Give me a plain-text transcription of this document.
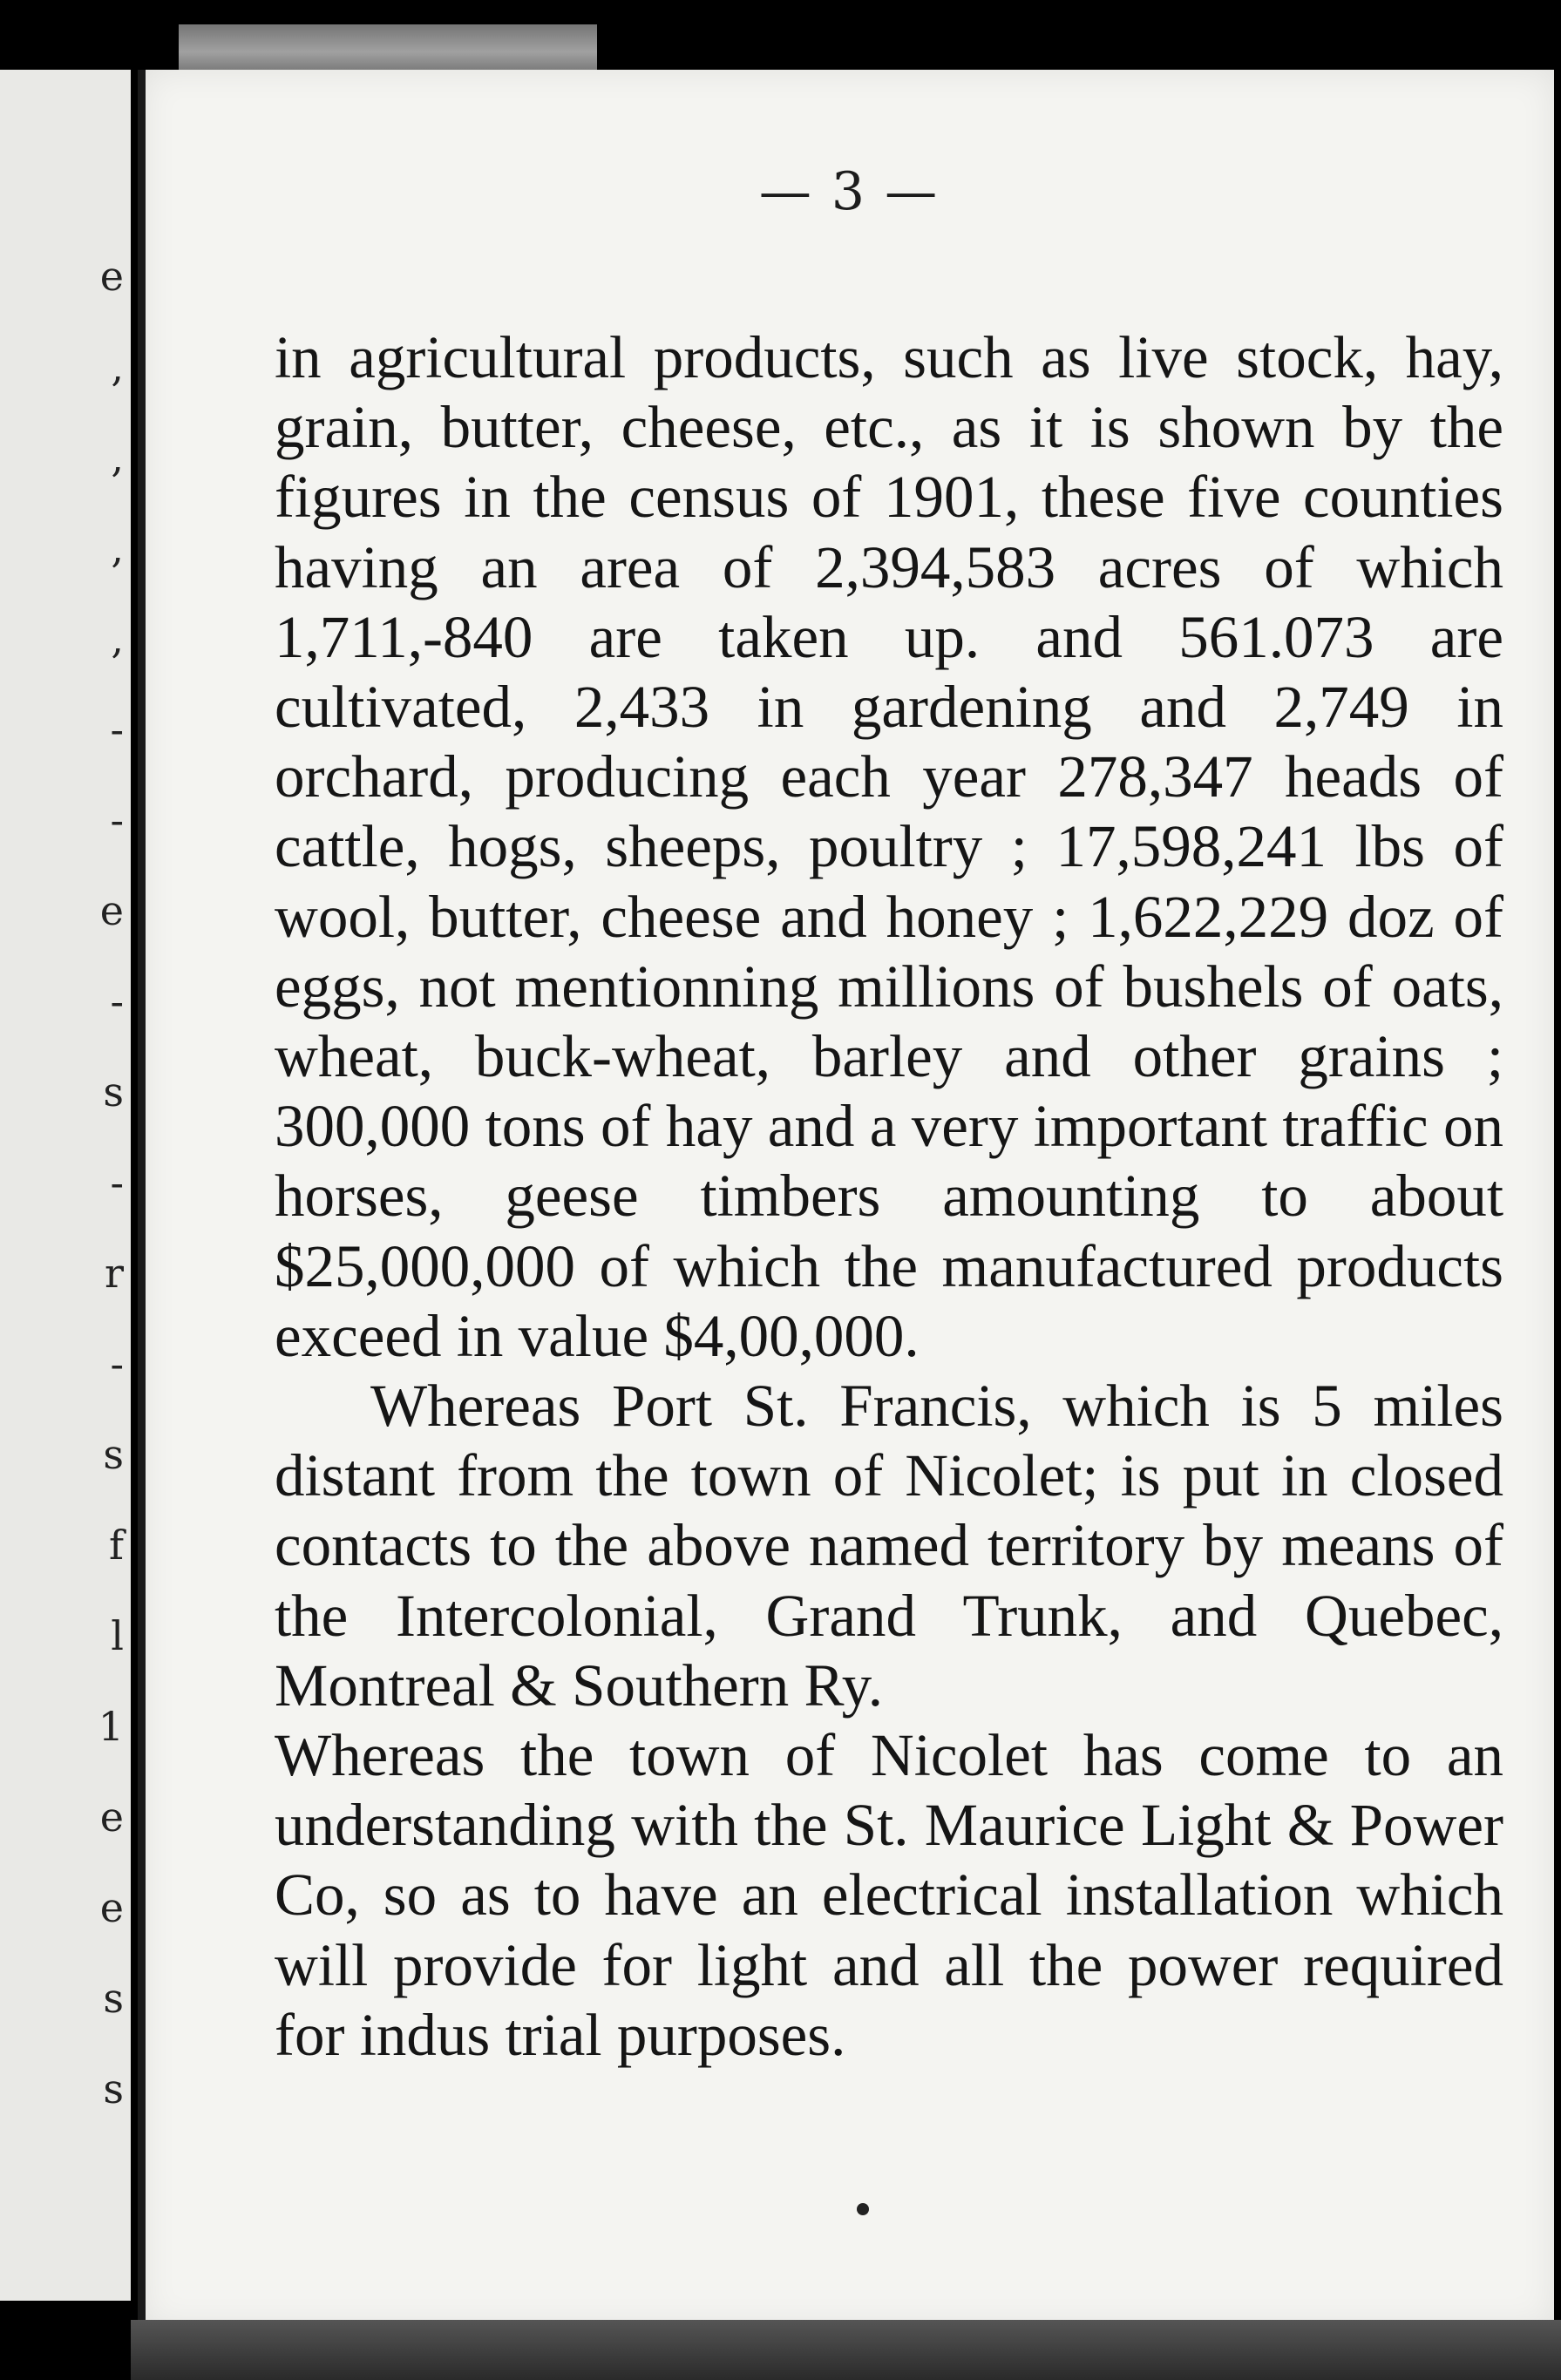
e
,
,
,
,
-
-
e
-
s
-
r
-
s
f
l
1
e
e
s
s
— 3 —

in agricultural products, such as live stock, hay, grain, butter, cheese, etc., as it is shown by the figures in the census of 1901, these five counties having an area of 2,394,583 acres of which 1,711,-840 are taken up. and 561.073 are cultivated, 2,433 in gardening and 2,749 in orchard, producing each year 278,347 heads of cattle, hogs, sheeps, poultry ; 17,598,241 lbs of wool, butter, cheese and honey ; 1,622,229 doz of eggs, not mentionning millions of bushels of oats, wheat, buck-wheat, barley and other grains ; 300,000 tons of hay and a very important traffic on horses, geese timbers amounting to about $25,000,000 of which the manufactured products exceed in value $4,00,000.

Whereas Port St. Francis, which is 5 miles distant from the town of Nicolet; is put in closed contacts to the above named territory by means of the Intercolonial, Grand Trunk, and Quebec, Montreal & Southern Ry.

Whereas the town of Nicolet has come to an understanding with the St. Maurice Light & Power Co, so as to have an electrical installation which will provide for light and all the power required for indus trial purposes.
